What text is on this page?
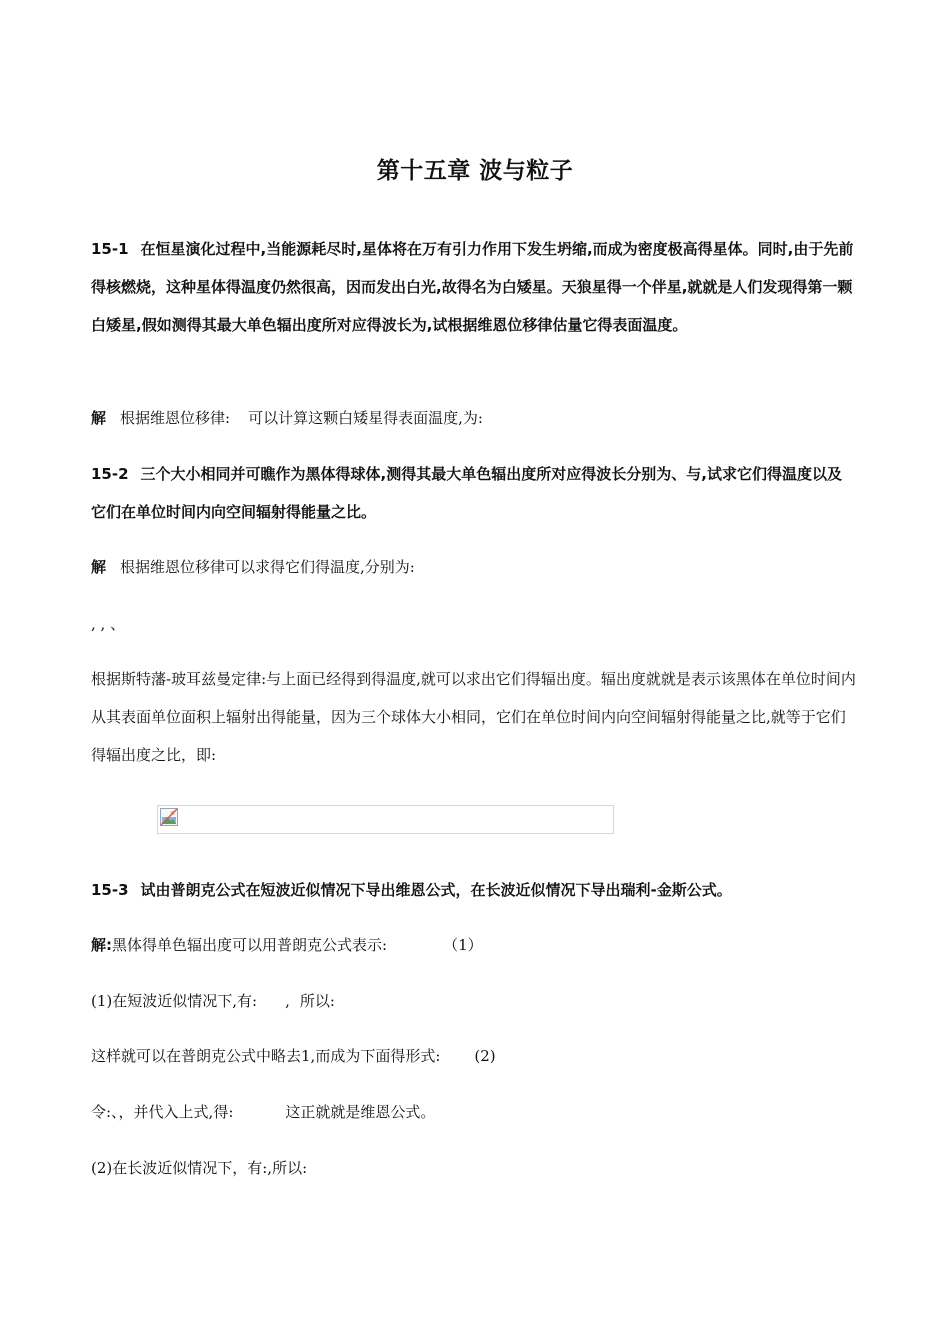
第十五章 波与粒子
15-1 在恒星演化过程中,当能源耗尽时,星体将在万有引力作用下发生坍缩,而成为密度极高得星体。同时,由于先前得核燃烧，这种星体得温度仍然很高，因而发出白光,故得名为白矮星。天狼星得一个伴星,就就是人们发现得第一颗白矮星,假如测得其最大单色辐出度所对应得波长为,试根据维恩位移律估量它得表面温度。
解 根据维恩位移律: 可以计算这颗白矮星得表面温度,为:
15-2 三个大小相同并可瞧作为黑体得球体,测得其最大单色辐出度所对应得波长分别为、与,试求它们得温度以及它们在单位时间内向空间辐射得能量之比。
解 根据维恩位移律可以求得它们得温度,分别为:
, , 、
根据斯特藩-玻耳兹曼定律:与上面已经得到得温度,就可以求出它们得辐出度。辐出度就就是表示该黑体在单位时间内从其表面单位面积上辐射出得能量，因为三个球体大小相同，它们在单位时间内向空间辐射得能量之比,就等于它们得辐出度之比，即:
15-3 试由普朗克公式在短波近似情况下导出维恩公式，在长波近似情况下导出瑞利-金斯公式。
解:黑体得单色辐出度可以用普朗克公式表示:	（1）
(1)在短波近似情况下,有: , 所以:
这样就可以在普朗克公式中略去1,而成为下面得形式: (2)
令:、，并代入上式,得:	这正就就是维恩公式。
(2)在长波近似情况下，有:,所以:
